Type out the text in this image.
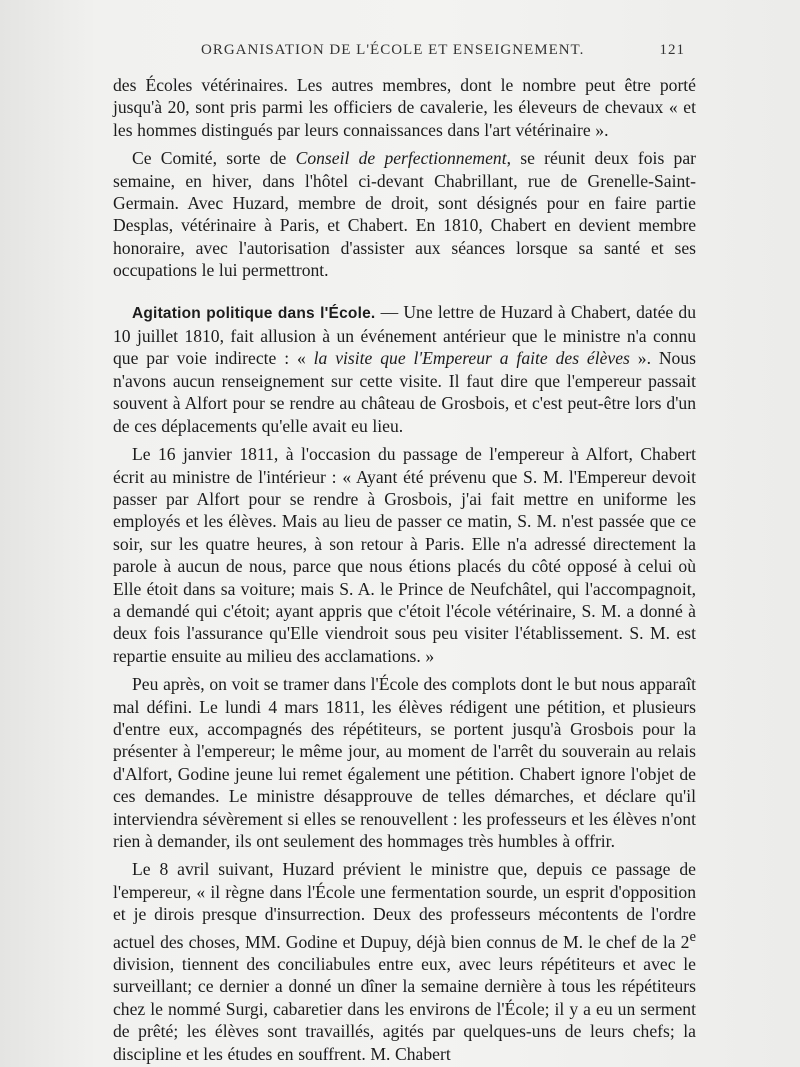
ORGANISATION DE L'ÉCOLE ET ENSEIGNEMENT.	121

des Écoles vétérinaires. Les autres membres, dont le nombre peut être porté jusqu'à 20, sont pris parmi les officiers de cavalerie, les éleveurs de chevaux « et les hommes distingués par leurs connaissances dans l'art vétérinaire ».

Ce Comité, sorte de Conseil de perfectionnement, se réunit deux fois par semaine, en hiver, dans l'hôtel ci-devant Chabrillant, rue de Grenelle-Saint-Germain. Avec Huzard, membre de droit, sont désignés pour en faire partie Desplas, vétérinaire à Paris, et Chabert. En 1810, Chabert en devient membre honoraire, avec l'autorisation d'assister aux séances lorsque sa santé et ses occupations le lui permettront.

Agitation politique dans l'École. — Une lettre de Huzard à Chabert, datée du 10 juillet 1810, fait allusion à un événement antérieur que le ministre n'a connu que par voie indirecte : « la visite que l'Empereur a faite des élèves ». Nous n'avons aucun renseignement sur cette visite. Il faut dire que l'empereur passait souvent à Alfort pour se rendre au château de Grosbois, et c'est peut-être lors d'un de ces déplacements qu'elle avait eu lieu.

Le 16 janvier 1811, à l'occasion du passage de l'empereur à Alfort, Chabert écrit au ministre de l'intérieur : « Ayant été prévenu que S. M. l'Empereur devoit passer par Alfort pour se rendre à Grosbois, j'ai fait mettre en uniforme les employés et les élèves. Mais au lieu de passer ce matin, S. M. n'est passée que ce soir, sur les quatre heures, à son retour à Paris. Elle n'a adressé directement la parole à aucun de nous, parce que nous étions placés du côté opposé à celui où Elle étoit dans sa voiture; mais S. A. le Prince de Neufchâtel, qui l'accompagnoit, a demandé qui c'étoit; ayant appris que c'étoit l'école vétérinaire, S. M. a donné à deux fois l'assurance qu'Elle viendroit sous peu visiter l'établissement. S. M. est repartie ensuite au milieu des acclamations. »

Peu après, on voit se tramer dans l'École des complots dont le but nous apparaît mal défini. Le lundi 4 mars 1811, les élèves rédigent une pétition, et plusieurs d'entre eux, accompagnés des répétiteurs, se portent jusqu'à Grosbois pour la présenter à l'empereur; le même jour, au moment de l'arrêt du souverain au relais d'Alfort, Godine jeune lui remet également une pétition. Chabert ignore l'objet de ces demandes. Le ministre désapprouve de telles démarches, et déclare qu'il interviendra sévèrement si elles se renouvellent : les professeurs et les élèves n'ont rien à demander, ils ont seulement des hommages très humbles à offrir.

Le 8 avril suivant, Huzard prévient le ministre que, depuis ce passage de l'empereur, « il règne dans l'École une fermentation sourde, un esprit d'opposition et je dirois presque d'insurrection. Deux des professeurs mécontents de l'ordre actuel des choses, MM. Godine et Dupuy, déjà bien connus de M. le chef de la 2e division, tiennent des conciliabules entre eux, avec leurs répétiteurs et avec le surveillant; ce dernier a donné un dîner la semaine dernière à tous les répétiteurs chez le nommé Surgi, cabaretier dans les environs de l'École; il y a eu un serment de prêté; les élèves sont travaillés, agités par quelques-uns de leurs chefs; la discipline et les études en souffrent. M. Chabert
